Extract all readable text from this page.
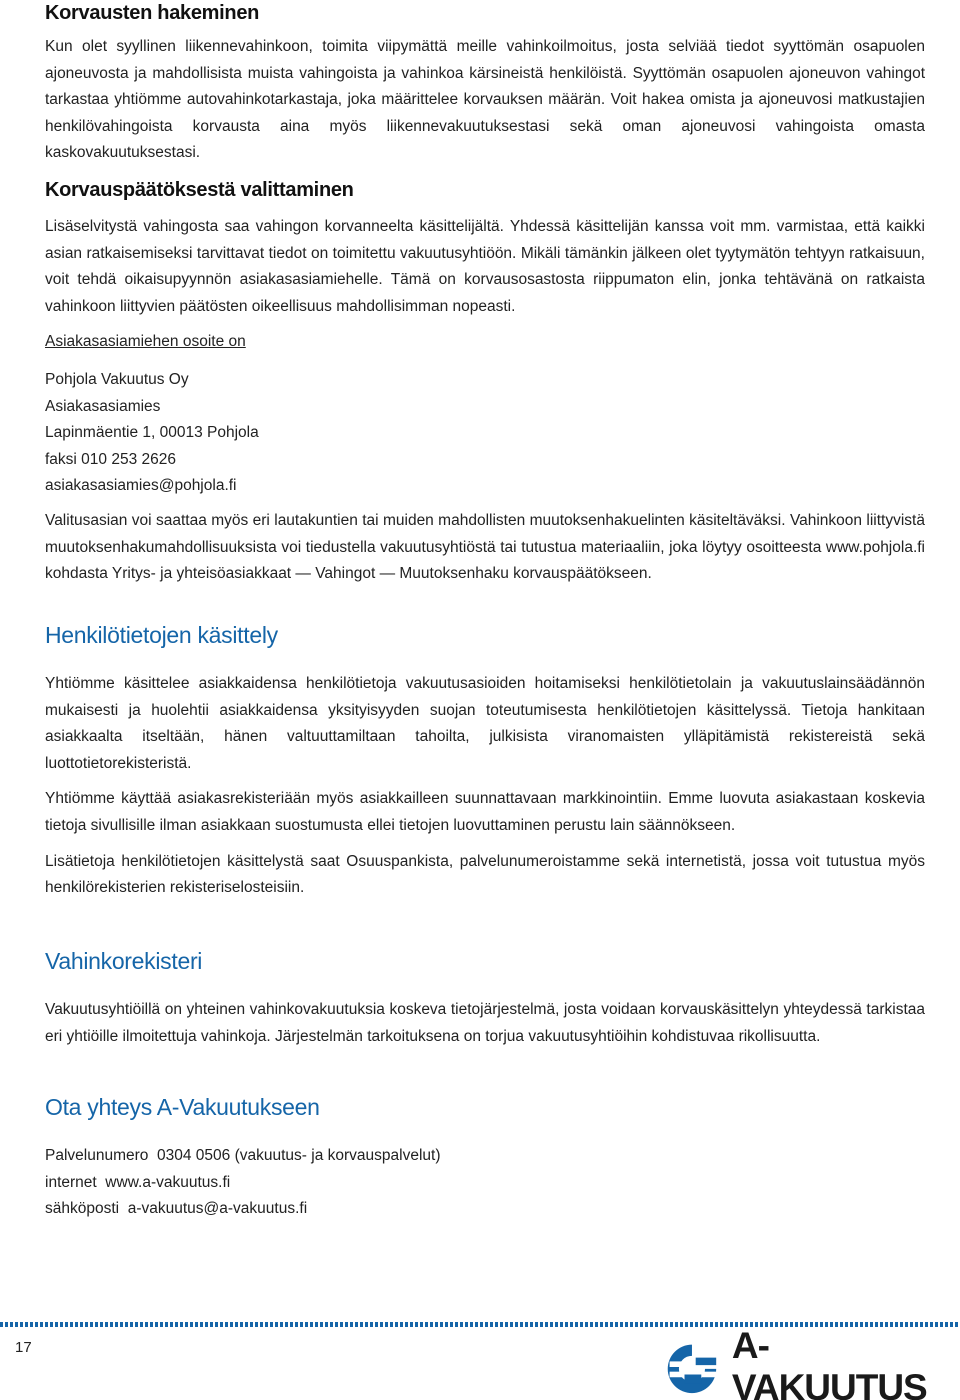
Korvausten hakeminen

Kun olet syyllinen liikennevahinkoon, toimita viipymättä meille vahinkoilmoitus, josta selviää tiedot syyttömän osapuolen ajoneuvosta ja mahdollisista muista vahingoista ja vahinkoa kärsineistä henkilöistä. Syyttömän osapuolen ajoneuvon vahingot tarkastaa yhtiömme autovahinkotarkastaja, joka määrittelee korvauksen määrän. Voit hakea omista ja ajoneuvosi matkustajien henkilövahingoista korvausta aina myös liikennevakuutuksestasi sekä oman ajoneuvosi vahingoista omasta kaskovakuutuksestasi.

Korvauspäätöksestä valittaminen

Lisäselvitystä vahingosta saa vahingon korvanneelta käsittelijältä. Yhdessä käsittelijän kanssa voit mm. varmistaa, että kaikki asian ratkaisemiseksi tarvittavat tiedot on toimitettu vakuutusyhtiöön. Mikäli tämänkin jälkeen olet tyytymätön tehtyyn ratkaisuun, voit tehdä oikaisupyynnön asiakasasiamiehelle. Tämä on korvausosastosta riippumaton elin, jonka tehtävänä on ratkaista vahinkoon liittyvien päätösten oikeellisuus mahdollisimman nopeasti.

Asiakasasiamiehen osoite on

Pohjola Vakuutus Oy

Asiakasasiamies

Lapinmäentie 1, 00013 Pohjola

faksi 010 253 2626

asiakasasiamies@pohjola.fi

Valitusasian voi saattaa myös eri lautakuntien tai muiden mahdollisten muutoksenhakuelinten käsiteltäväksi. Vahinkoon liittyvistä muutoksenhakumahdollisuuksista voi tiedustella vakuutusyhtiöstä tai tutustua materiaaliin, joka löytyy osoitteesta www.pohjola.fi kohdasta Yritys- ja yhteisöasiakkaat — Vahingot — Muutoksenhaku korvauspäätökseen.

Henkilötietojen käsittely

Yhtiömme käsittelee asiakkaidensa henkilötietoja vakuutusasioiden hoitamiseksi henkilötietolain ja vakuutuslainsäädännön mukaisesti ja huolehtii asiakkaidensa yksityisyyden suojan toteutumisesta henkilötietojen käsittelyssä. Tietoja hankitaan asiakkaalta itseltään, hänen valtuuttamiltaan tahoilta, julkisista viranomaisten ylläpitämistä rekistereistä sekä luottotietorekisteristä.

Yhtiömme käyttää asiakasrekisteriään myös asiakkailleen suunnattavaan markkinointiin. Emme luovuta asiakastaan koskevia tietoja sivullisille ilman asiakkaan suostumusta ellei tietojen luovuttaminen perustu lain säännökseen.

Lisätietoja henkilötietojen käsittelystä saat Osuuspankista, palvelunumeroistamme sekä internetistä, jossa voit tutustua myös henkilörekisterien rekisteriselosteisiin.

Vahinkorekisteri

Vakuutusyhtiöillä on yhteinen vahinkovakuutuksia koskeva tietojärjestelmä, josta voidaan korvauskäsittelyn yhteydessä tarkistaa eri yhtiöille ilmoitettuja vahinkoja. Järjestelmän tarkoituksena on torjua vakuutusyhtiöihin kohdistuvaa rikollisuutta.

Ota yhteys A-Vakuutukseen

Palvelunumero  0304 0506 (vakuutus- ja korvauspalvelut)

internet  www.a-vakuutus.fi

sähköposti  a-vakuutus@a-vakuutus.fi

17	A-VAKUUTUS
